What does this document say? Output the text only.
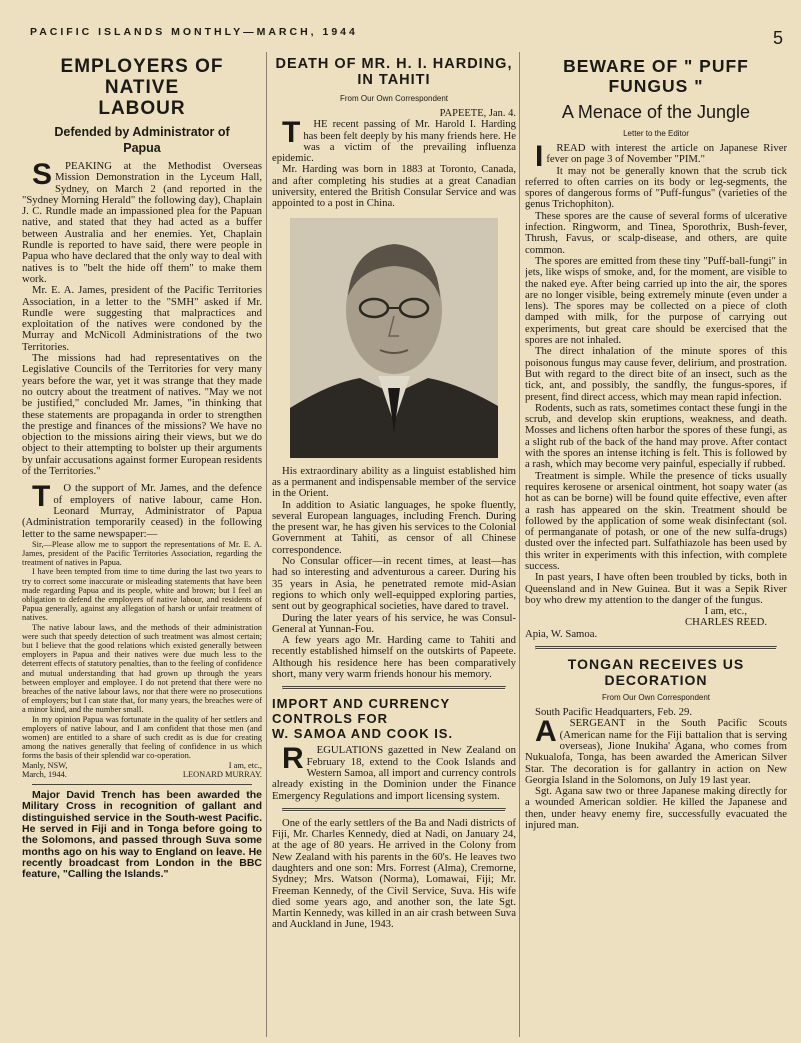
PACIFIC ISLANDS MONTHLY—MARCH, 1944	5
EMPLOYERS OF NATIVE
LABOUR
Defended by Administrator of
Papua

S PEAKING at the Methodist Overseas Mission Demonstration in the Lyceum Hall, Sydney, on March 2 (and reported in the "Sydney Morning Herald" the following day), Chaplain J. C. Rundle made an impassioned plea for the Papuan native, and stated that they had acted as a buffer between Australia and her enemies. Yet, Chaplain Rundle is reported to have said, there were people in Papua who have declared that the only way to deal with natives is to "belt the hide off them" to make them work.

Mr. E. A. James, president of the Pacific Territories Association, in a letter to the "SMH" asked if Mr. Rundle were suggesting that malpractices and exploitation of the natives were condoned by the Murray and McNicoll Administrations of the two Territories.

The missions had had representatives on the Legislative Councils of the Territories for very many years before the war, yet it was strange that they made no outcry about the treatment of natives. "May we not be justified," concluded Mr. James, "in thinking that these statements are propaganda in order to strengthen the prestige and finances of the missions? We have no objection to the missions airing their views, but we do object to their attempting to bolster up their arguments by unfair accusations against former European residents of the Territories."

T O the support of Mr. James, and the defence of employers of native labour, came Hon. Leonard Murray, Administrator of Papua (Administration temporarily ceased) in the following letter to the same newspaper:—

Sir,—Please allow me to support the representations of Mr. E. A. James, president of the Pacific Territories Association, regarding the treatment of natives in Papua.

I have been tempted from time to time during the last two years to try to correct some inaccurate or misleading statements that have been made regarding Papua and its people, white and brown; but I feel an obligation to defend the employers of native labour, and residents of Papua generally, against any allegation of harsh or unfair treatment of natives.

The native labour laws, and the methods of their administration were such that speedy detection of such treatment was almost certain; but I believe that the good relations which existed generally between employers in Papua and their natives were due much less to the deterrent effects of statutory penalties, than to the feeling of confidence and mutual understanding that had grown up through the years between employer and employee. I do not pretend that there were no breaches of the native labour laws, nor that there were no prosecutions of employers; but I can state that, for many years, the breaches were of a minor kind, and the number small.

In my opinion Papua was fortunate in the quality of her settlers and employers of native labour, and I am confident that those men (and women) are entitled to a share of such credit as is due for creating among the natives generally that feeling of confidence in us which forms the basis of their splendid war co-operation.

Manly, NSW,	I am, etc.,
March, 1944.	LEONARD MURRAY.

Major David Trench has been awarded the Military Cross in recognition of gallant and distinguished service in the South-west Pacific. He served in Fiji and in Tonga before going to the Solomons, and passed through Suva some months ago on his way to England on leave. He recently broadcast from London in the BBC feature, "Calling the Islands."

DEATH OF MR. H. I. HARDING,
IN TAHITI
From Our Own Correspondent

PAPEETE, Jan. 4.

T HE recent passing of Mr. Harold I. Harding has been felt deeply by his many friends here. He was a victim of the prevailing influenza epidemic.

Mr. Harding was born in 1883 at Toronto, Canada, and after completing his studies at a great Canadian university, entered the British Consular Service and was appointed to a post in China.

His extraordinary ability as a linguist established him as a permanent and indispensable member of the service in the Orient.

In addition to Asiatic languages, he spoke fluently, several European languages, including French. During the present war, he has given his services to the Colonial Government at Tahiti, as censor of all Chinese correspondence.

No Consular officer—in recent times, at least—has had so interesting and adventurous a career. During his 35 years in Asia, he penetrated remote mid-Asian regions to which only well-equipped exploring parties, sent out by geographical societies, have dared to travel.

During the later years of his service, he was Consul-General at Yunnan-Fou.

A few years ago Mr. Harding came to Tahiti and recently established himself on the outskirts of Papeete. Although his residence here has been comparatively short, many very warm friends honour his memory.

IMPORT AND CURRENCY
CONTROLS FOR
W. SAMOA AND COOK IS.

R EGULATIONS gazetted in New Zealand on February 18, extend to the Cook Islands and Western Samoa, all import and currency controls already existing in the Dominion under the Finance Emergency Regulations and import licensing system.

One of the early settlers of the Ba and Nadi districts of Fiji, Mr. Charles Kennedy, died at Nadi, on January 24, at the age of 80 years. He arrived in the Colony from New Zealand with his parents in the 60's. He leaves two daughters and one son: Mrs. Forrest (Alma), Cremorne, Sydney; Mrs. Watson (Norma), Lomawai, Fiji; Mr. Freeman Kennedy, of the Civil Service, Suva. His wife died some years ago, and another son, the late Sgt. Martin Kennedy, was killed in an air crash between Suva and Auckland in June, 1943.

BEWARE OF " PUFF
FUNGUS "
A Menace of the Jungle
Letter to the Editor

I READ with interest the article on Japanese River fever on page 3 of November "PIM."

It may not be generally known that the scrub tick referred to often carries on its body or leg-segments, the spores of dangerous forms of "Puff-fungus" (varieties of the genus Trichophiton).

These spores are the cause of several forms of ulcerative infection. Ringworm, and Tinea, Sporothrix, Bush-fever, Thrush, Favus, or scalp-disease, and others, are quite common.

The spores are emitted from these tiny "Puff-ball-fungi" in jets, like wisps of smoke, and, for the moment, are visible to the naked eye. After being carried up into the air, the spores are no longer visible, being extremely minute (even under a lens). The spores may be collected on a piece of cloth damped with milk, for the purpose of carrying out experiments, but great care should be exercised that the spores are not inhaled.

The direct inhalation of the minute spores of this poisonous fungus may cause fever, delirium, and prostration. But with regard to the direct bite of an insect, such as the tick, ant, and possibly, the sandfly, the fungus-spores, if present, find direct access, which may mean rapid infection.

Rodents, such as rats, sometimes contact these fungi in the scrub, and develop skin eruptions, weakness, and death. Mosses and lichens often harbor the spores of these fungi, as a slight rub of the back of the hand may prove. After contact with the spores an intense itching is felt. This is followed by a rash, which may become very painful, especially if rubbed.

Treatment is simple. While the presence of ticks usually requires kerosene or arsenical ointment, hot soapy water (as hot as can be borne) will be found quite effective, even after a rash has appeared on the skin. Treatment should be followed by the application of some weak disinfectant (sol. of permanganate of potash, or one of the new sulfa-drugs) dusted over the infected part. Sulfathiazole has been used by this writer in experiments with this infection, with complete success.

In past years, I have often been troubled by ticks, both in Queensland and in New Guinea. But it was a Sepik River boy who drew my attention to the danger of the fungus.

I am, etc.,

CHARLES REED.

Apia, W. Samoa.

TONGAN RECEIVES US
DECORATION
From Our Own Correspondent

South Pacific Headquarters, Feb. 29.

A SERGEANT in the South Pacific Scouts (American name for the Fiji battalion that is serving overseas), Jione Inukiha' Agana, who comes from Nukualofa, Tonga, has been awarded the American Silver Star. The decoration is for gallantry in action on New Georgia Island in the Solomons, on July 19 last year.

Sgt. Agana saw two or three Japanese making directly for a wounded American soldier. He killed the Japanese and then, under heavy enemy fire, successfully evacuated the injured man.
